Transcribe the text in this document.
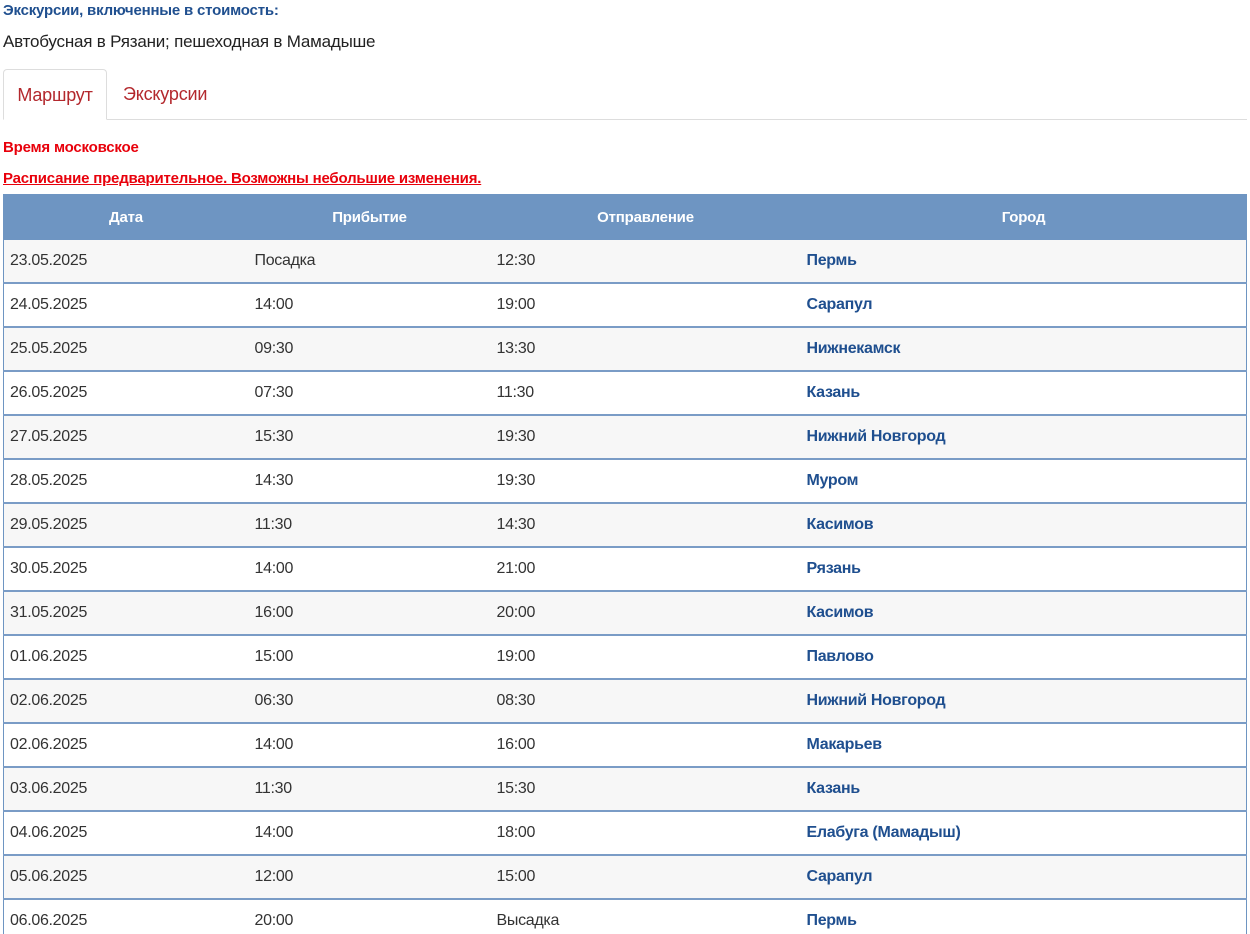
Экскурсии, включенные в стоимость:
Автобусная в Рязани; пешеходная в Мамадыше
Маршрут	Экскурсии
Время московское
Расписание предварительное. Возможны небольшие изменения.
Дата	Прибытие	Отправление	Город
23.05.2025	Посадка	12:30	Пермь
24.05.2025	14:00	19:00	Сарапул
25.05.2025	09:30	13:30	Нижнекамск
26.05.2025	07:30	11:30	Казань
27.05.2025	15:30	19:30	Нижний Новгород
28.05.2025	14:30	19:30	Муром
29.05.2025	11:30	14:30	Касимов
30.05.2025	14:00	21:00	Рязань
31.05.2025	16:00	20:00	Касимов
01.06.2025	15:00	19:00	Павлово
02.06.2025	06:30	08:30	Нижний Новгород
02.06.2025	14:00	16:00	Макарьев
03.06.2025	11:30	15:30	Казань
04.06.2025	14:00	18:00	Елабуга (Мамадыш)
05.06.2025	12:00	15:00	Сарапул
06.06.2025	20:00	Высадка	Пермь
